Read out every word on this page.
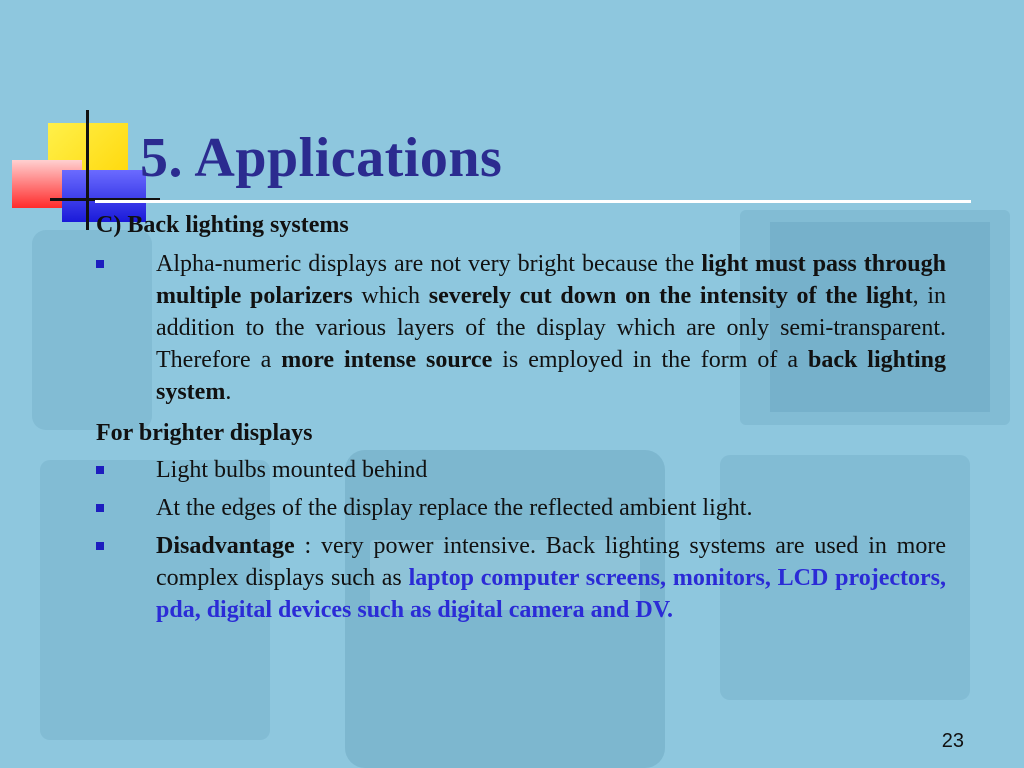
5. Applications

C) Back lighting systems

Alpha-numeric displays are not very bright because the light must pass through multiple polarizers which severely cut down on the intensity of the light, in addition to the various layers of the display which are only semi-transparent. Therefore a more intense source is employed in the form of a back lighting system.

For brighter displays

Light bulbs mounted behind
At the edges of the display replace the reflected ambient light.
Disadvantage : very power intensive. Back lighting systems are used in more complex displays such as laptop computer screens, monitors, LCD projectors, pda, digital devices such as digital camera and DV.
23
